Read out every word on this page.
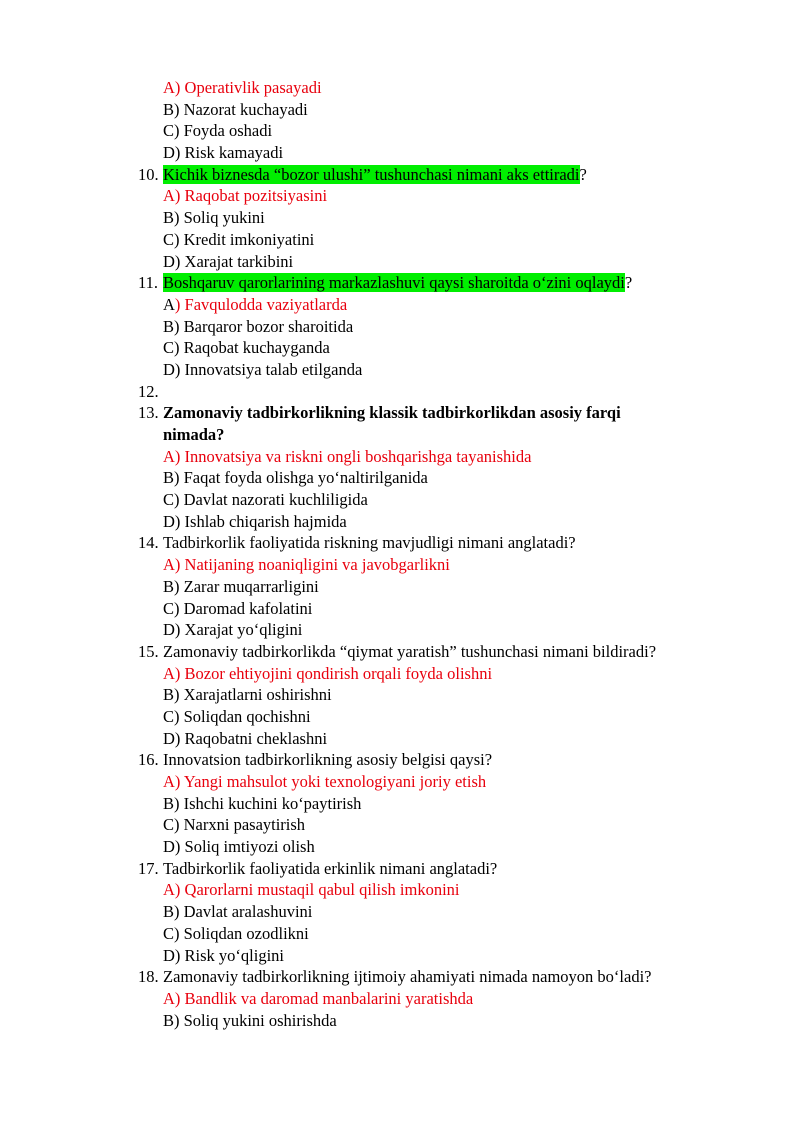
A) Operativlik pasayadi
B) Nazorat kuchayadi
C) Foyda oshadi
D) Risk kamayadi
10. Kichik biznesda “bozor ulushi” tushunchasi nimani aks ettiradi?
A) Raqobat pozitsiyasini
B) Soliq yukini
C) Kredit imkoniyatini
D) Xarajat tarkibini
11. Boshqaruv qarorlarining markazlashuvi qaysi sharoitda o‘zini oqlaydi?
A) Favqulodda vaziyatlarda
B) Barqaror bozor sharoitida
C) Raqobat kuchayganda
D) Innovatsiya talab etilganda
12.
13. Zamonaviy tadbirkorlikning klassik tadbirkorlikdan asosiy farqi
nimada?
A) Innovatsiya va riskni ongli boshqarishga tayanishida
B) Faqat foyda olishga yo‘naltirilganida
C) Davlat nazorati kuchliligida
D) Ishlab chiqarish hajmida
14. Tadbirkorlik faoliyatida riskning mavjudligi nimani anglatadi?
A) Natijaning noaniqligini va javobgarlikni
B) Zarar muqarrarligini
C) Daromad kafolatini
D) Xarajat yo‘qligini
15. Zamonaviy tadbirkorlikda “qiymat yaratish” tushunchasi nimani bildiradi?
A) Bozor ehtiyojini qondirish orqali foyda olishni
B) Xarajatlarni oshirishni
C) Soliqdan qochishni
D) Raqobatni cheklashni
16. Innovatsion tadbirkorlikning asosiy belgisi qaysi?
A) Yangi mahsulot yoki texnologiyani joriy etish
B) Ishchi kuchini ko‘paytirish
C) Narxni pasaytirish
D) Soliq imtiyozi olish
17. Tadbirkorlik faoliyatida erkinlik nimani anglatadi?
A) Qarorlarni mustaqil qabul qilish imkonini
B) Davlat aralashuvini
C) Soliqdan ozodlikni
D) Risk yo‘qligini
18. Zamonaviy tadbirkorlikning ijtimoiy ahamiyati nimada namoyon bo‘ladi?
A) Bandlik va daromad manbalarini yaratishda
B) Soliq yukini oshirishda
